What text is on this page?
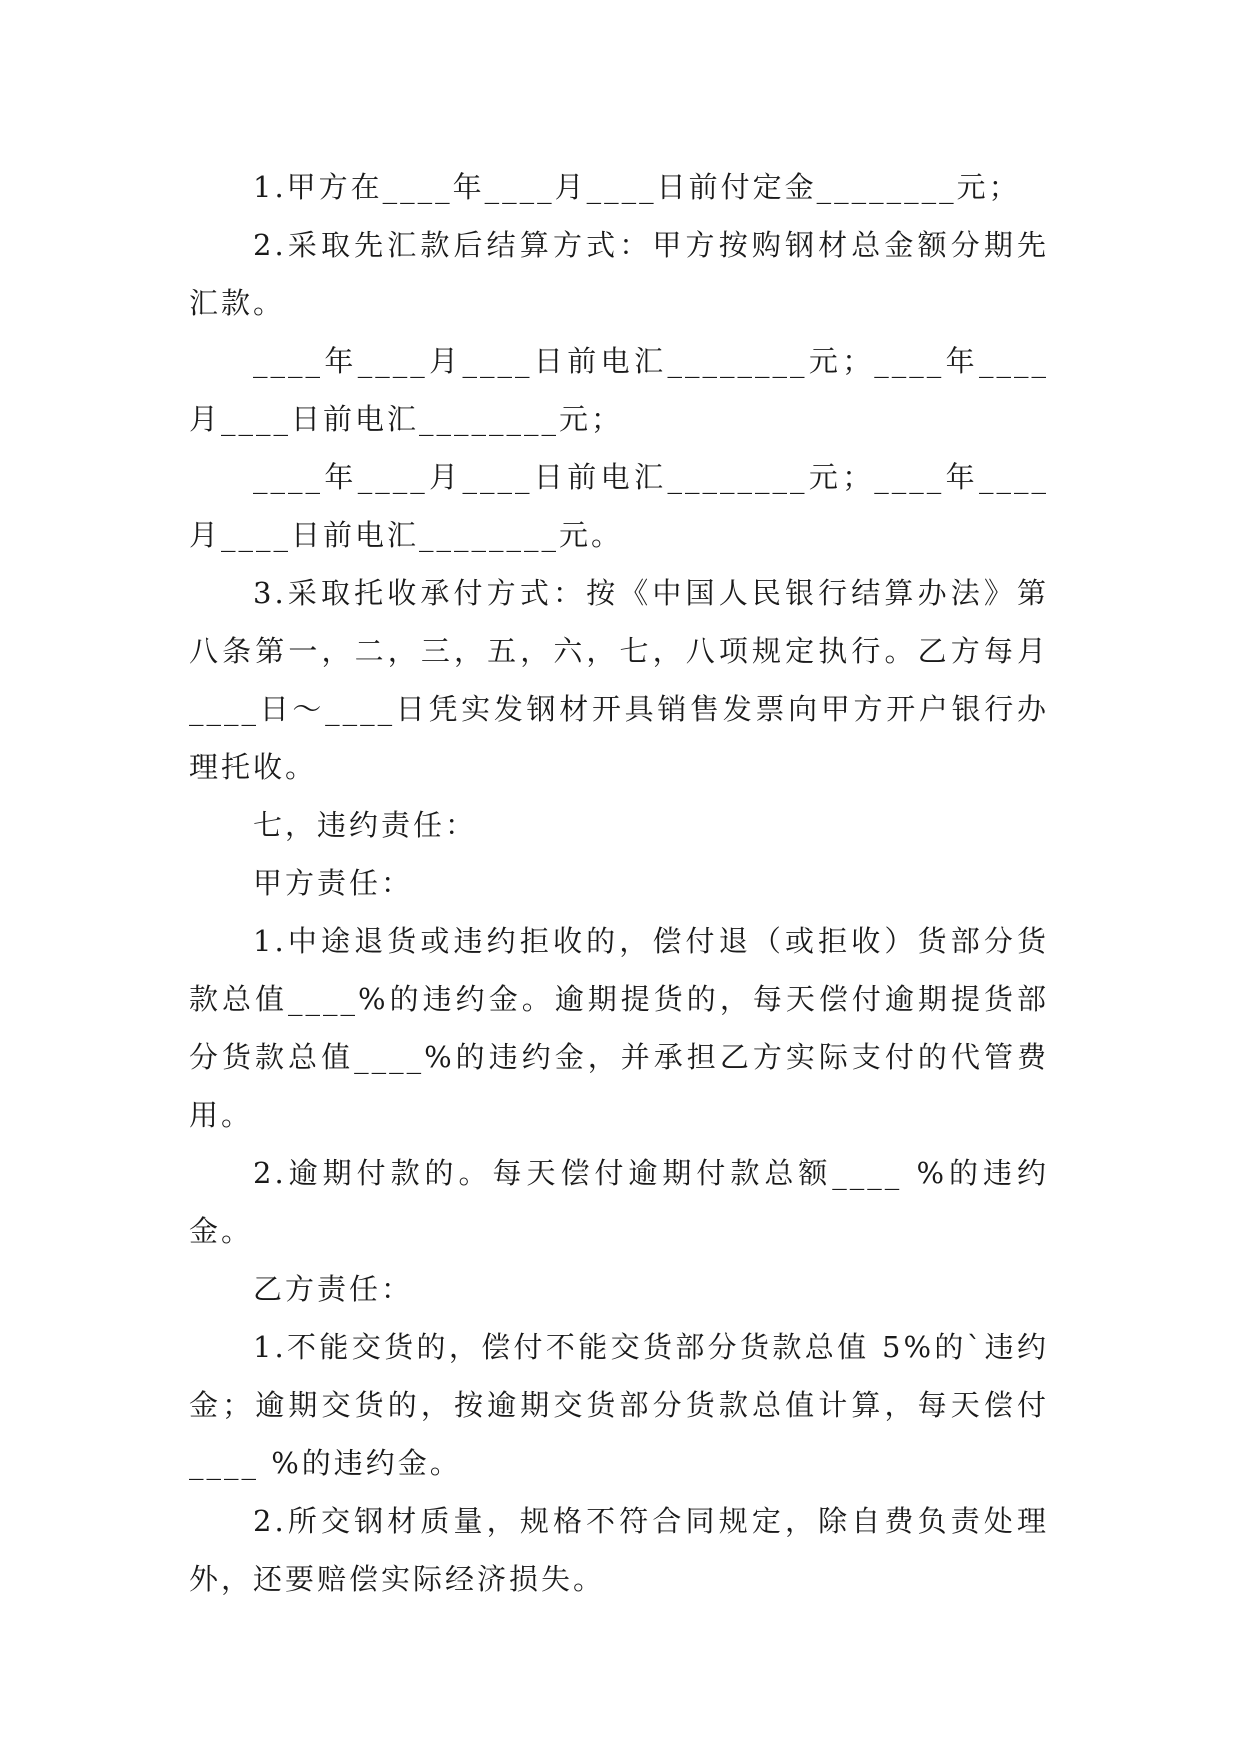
1.甲方在____年____月____日前付定金________元；

2.采取先汇款后结算方式：甲方按购钢材总金额分期先汇款。

____年____月____日前电汇________元；____年____月____日前电汇________元；

____年____月____日前电汇________元；____年____月____日前电汇________元。

3.采取托收承付方式：按《中国人民银行结算办法》第八条第一，二，三，五，六，七，八项规定执行。乙方每月____日～____日凭实发钢材开具销售发票向甲方开户银行办理托收。

七，违约责任：

甲方责任：

1.中途退货或违约拒收的，偿付退（或拒收）货部分货款总值____%的违约金。逾期提货的，每天偿付逾期提货部分货款总值____%的违约金，并承担乙方实际支付的代管费用。

2.逾期付款的。每天偿付逾期付款总额____ %的违约金。

乙方责任：

1.不能交货的，偿付不能交货部分货款总值 5%的`违约金；逾期交货的，按逾期交货部分货款总值计算，每天偿付____ %的违约金。

2.所交钢材质量，规格不符合同规定，除自费负责处理外，还要赔偿实际经济损失。
